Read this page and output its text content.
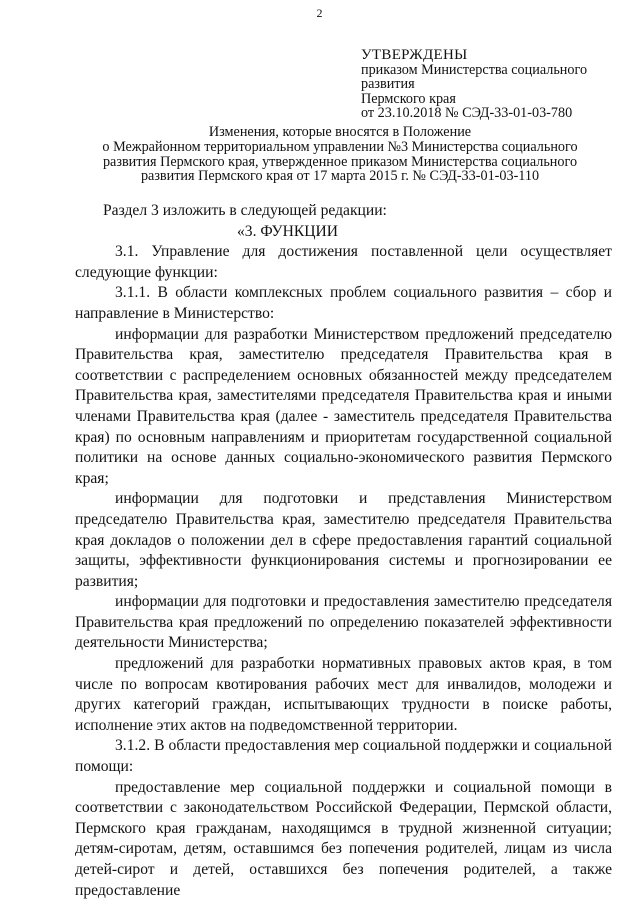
2
УТВЕРЖДЕНЫ
приказом Министерства социального
развития
Пермского края
от 23.10.2018 № СЭД-33-01-03-780
Изменения, которые вносятся в Положение
о Межрайонном территориальном управлении №3 Министерства социального
развития Пермского края, утвержденное приказом Министерства социального
развития Пермского края от 17 марта 2015 г. № СЭД-33-01-03-110

Раздел 3 изложить в следующей редакции:

«3. ФУНКЦИИ

3.1. Управление для достижения поставленной цели осуществляет следующие функции:

3.1.1. В области комплексных проблем социального развития – сбор и направление в Министерство:

информации для разработки Министерством предложений председателю Правительства края, заместителю председателя Правительства края в соответствии с распределением основных обязанностей между председателем Правительства края, заместителями председателя Правительства края и иными членами Правительства края (далее - заместитель председателя Правительства края) по основным направлениям и приоритетам государственной социальной политики на основе данных социально-экономического развития Пермского края;

информации для подготовки и представления Министерством председателю Правительства края, заместителю председателя Правительства края докладов о положении дел в сфере предоставления гарантий социальной защиты, эффективности функционирования системы и прогнозировании ее развития;

информации для подготовки и предоставления заместителю председателя Правительства края предложений по определению показателей эффективности деятельности Министерства;

предложений для разработки нормативных правовых актов края, в том числе по вопросам квотирования рабочих мест для инвалидов, молодежи и других категорий граждан, испытывающих трудности в поиске работы, исполнение этих актов на подведомственной территории.

3.1.2. В области предоставления мер социальной поддержки и социальной помощи:

предоставление мер социальной поддержки и социальной помощи в соответствии с законодательством Российской Федерации, Пермской области, Пермского края гражданам, находящимся в трудной жизненной ситуации; детям-сиротам, детям, оставшимся без попечения родителей, лицам из числа детей-сирот и детей, оставшихся без попечения родителей, а также предоставление
